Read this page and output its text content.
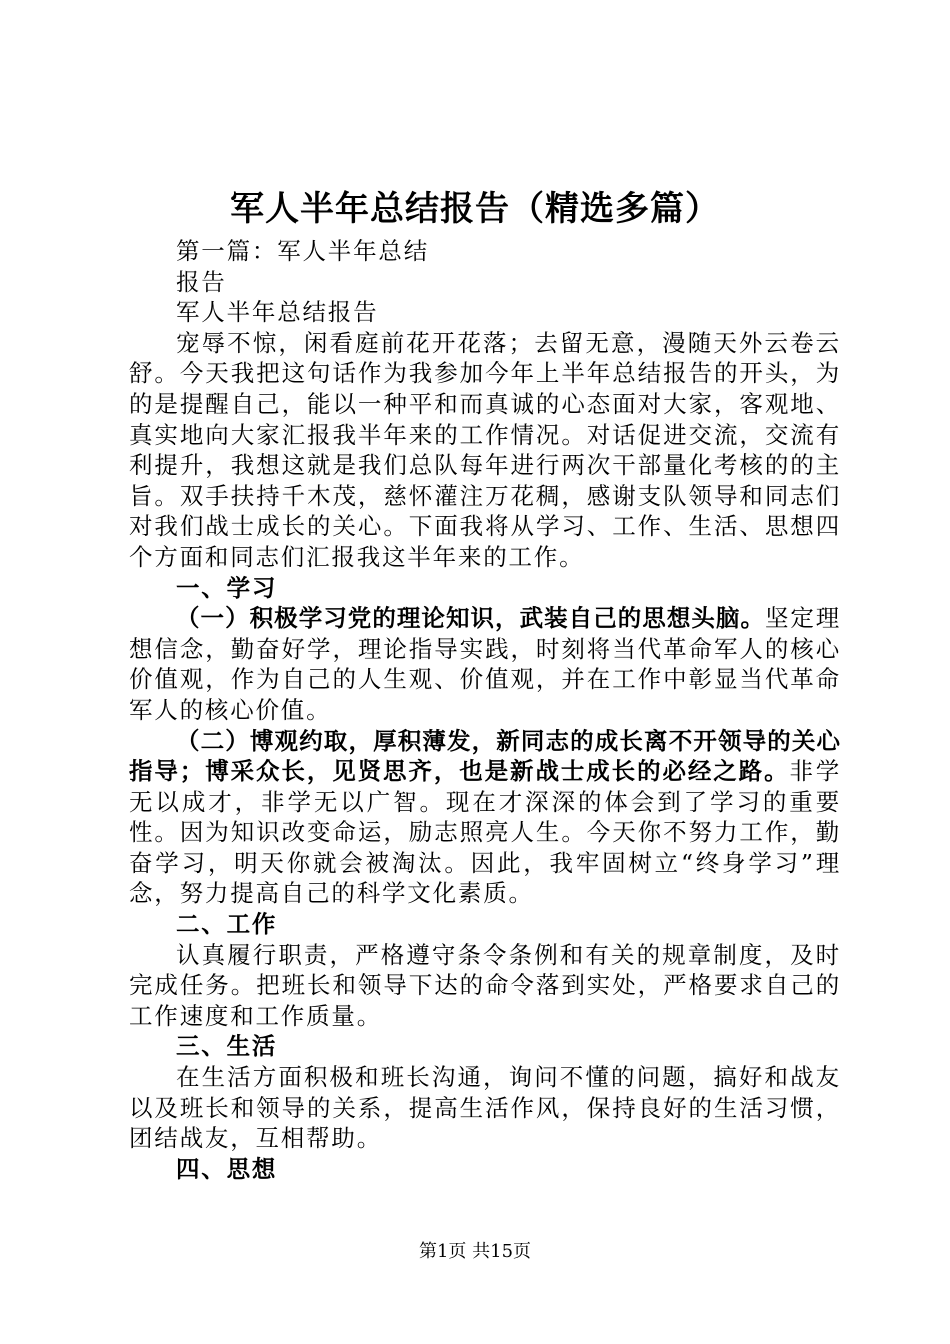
军人半年总结报告（精选多篇）

第一篇：军人半年总结

报告

军人半年总结报告

宠辱不惊，闲看庭前花开花落；去留无意，漫随天外云卷云舒。今天我把这句话作为我参加今年上半年总结报告的开头，为的是提醒自己，能以一种平和而真诚的心态面对大家，客观地、真实地向大家汇报我半年来的工作情况。对话促进交流，交流有利提升，我想这就是我们总队每年进行两次干部量化考核的的主旨。双手扶持千木茂，慈怀灌注万花稠，感谢支队领导和同志们对我们战士成长的关心。下面我将从学习、工作、生活、思想四个方面和同志们汇报我这半年来的工作。

一、学习

（一）积极学习党的理论知识，武装自己的思想头脑。坚定理想信念，勤奋好学，理论指导实践，时刻将当代革命军人的核心价值观，作为自己的人生观、价值观，并在工作中彰显当代革命军人的核心价值。

（二）博观约取，厚积薄发，新同志的成长离不开领导的关心指导；博采众长，见贤思齐，也是新战士成长的必经之路。非学无以成才，非学无以广智。现在才深深的体会到了学习的重要性。因为知识改变命运，励志照亮人生。今天你不努力工作，勤奋学习，明天你就会被淘汰。因此，我牢固树立“终身学习”理念，努力提高自己的科学文化素质。

二、工作

认真履行职责，严格遵守条令条例和有关的规章制度，及时完成任务。把班长和领导下达的命令落到实处，严格要求自己的工作速度和工作质量。

三、生活

在生活方面积极和班长沟通，询问不懂的问题，搞好和战友以及班长和领导的关系，提高生活作风，保持良好的生活习惯，团结战友，互相帮助。

四、思想

第1页 共15页
